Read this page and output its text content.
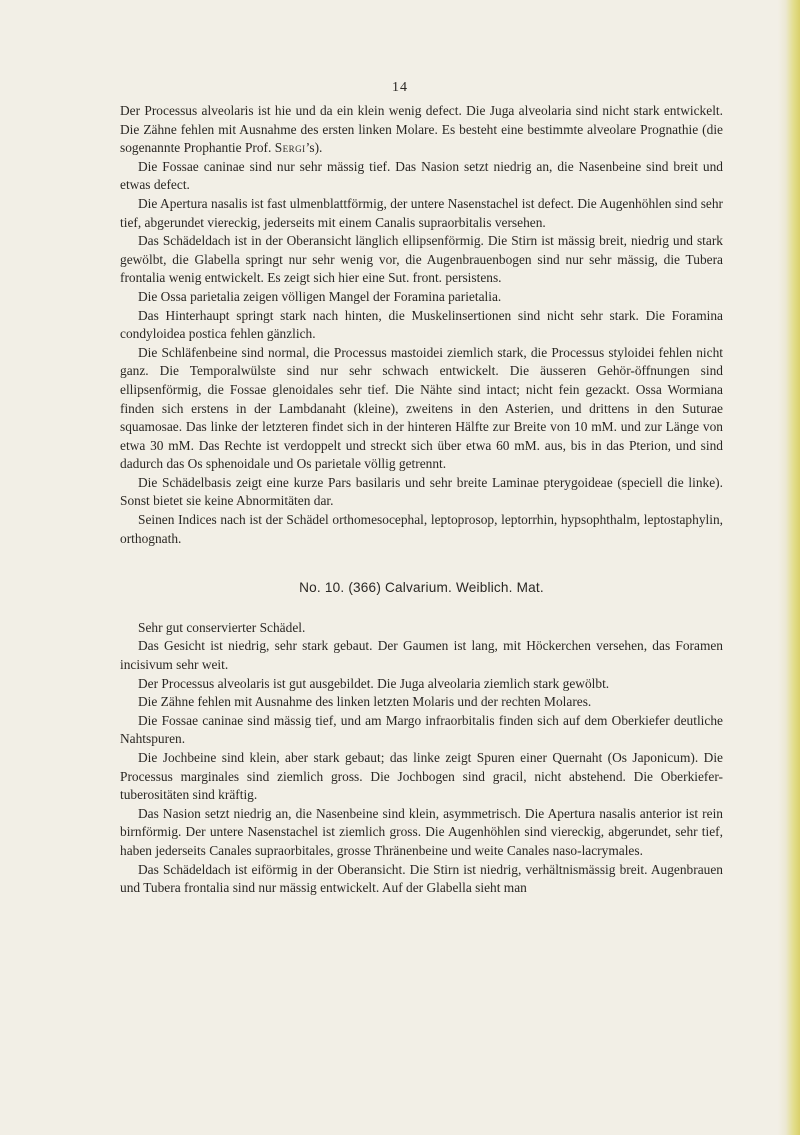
14

Der Processus alveolaris ist hie und da ein klein wenig defect. Die Juga alveolaria sind nicht stark entwickelt. Die Zähne fehlen mit Ausnahme des ersten linken Molare. Es besteht eine bestimmte alveolare Prognathie (die sogenannte Prophantie Prof. Sergi’s).

Die Fossae caninae sind nur sehr mässig tief. Das Nasion setzt niedrig an, die Nasenbeine sind breit und etwas defect.

Die Apertura nasalis ist fast ulmenblattförmig, der untere Nasenstachel ist defect. Die Augenhöhlen sind sehr tief, abgerundet viereckig, jederseits mit einem Canalis supraorbitalis versehen.

Das Schädeldach ist in der Oberansicht länglich ellipsenförmig. Die Stirn ist mässig breit, niedrig und stark gewölbt, die Glabella springt nur sehr wenig vor, die Augenbrauenbogen sind nur sehr mässig, die Tubera frontalia wenig entwickelt. Es zeigt sich hier eine Sut. front. persistens.

Die Ossa parietalia zeigen völligen Mangel der Foramina parietalia.

Das Hinterhaupt springt stark nach hinten, die Muskelinsertionen sind nicht sehr stark. Die Foramina condyloidea postica fehlen gänzlich.

Die Schläfenbeine sind normal, die Processus mastoidei ziemlich stark, die Processus styloidei fehlen nicht ganz. Die Temporalwülste sind nur sehr schwach entwickelt. Die äusseren Gehör-öffnungen sind ellipsenförmig, die Fossae glenoidales sehr tief. Die Nähte sind intact; nicht fein gezackt. Ossa Wormiana finden sich erstens in der Lambdanaht (kleine), zweitens in den Asterien, und drittens in den Suturae squamosae. Das linke der letzteren findet sich in der hinteren Hälfte zur Breite von 10 mM. und zur Länge von etwa 30 mM. Das Rechte ist verdoppelt und streckt sich über etwa 60 mM. aus, bis in das Pterion, und sind dadurch das Os sphenoidale und Os parietale völlig getrennt.

Die Schädelbasis zeigt eine kurze Pars basilaris und sehr breite Laminae pterygoideae (speciell die linke). Sonst bietet sie keine Abnormitäten dar.

Seinen Indices nach ist der Schädel orthomesocephal, leptoprosop, leptorrhin, hypsophthalm, leptostaphylin, orthognath.

No. 10. (366) Calvarium. Weiblich. Mat.

Sehr gut conservierter Schädel.

Das Gesicht ist niedrig, sehr stark gebaut. Der Gaumen ist lang, mit Höckerchen versehen, das Foramen incisivum sehr weit.

Der Processus alveolaris ist gut ausgebildet. Die Juga alveolaria ziemlich stark gewölbt.

Die Zähne fehlen mit Ausnahme des linken letzten Molaris und der rechten Molares.

Die Fossae caninae sind mässig tief, und am Margo infraorbitalis finden sich auf dem Oberkiefer deutliche Nahtspuren.

Die Jochbeine sind klein, aber stark gebaut; das linke zeigt Spuren einer Quernaht (Os Japonicum). Die Processus marginales sind ziemlich gross. Die Jochbogen sind gracil, nicht abstehend. Die Oberkiefer-tuberositäten sind kräftig.

Das Nasion setzt niedrig an, die Nasenbeine sind klein, asymmetrisch. Die Apertura nasalis anterior ist rein birnförmig. Der untere Nasenstachel ist ziemlich gross. Die Augenhöhlen sind viereckig, abgerundet, sehr tief, haben jederseits Canales supraorbitales, grosse Thränenbeine und weite Canales naso-lacrymales.

Das Schädeldach ist eiförmig in der Oberansicht. Die Stirn ist niedrig, verhältnismässig breit. Augenbrauen und Tubera frontalia sind nur mässig entwickelt. Auf der Glabella sieht man
